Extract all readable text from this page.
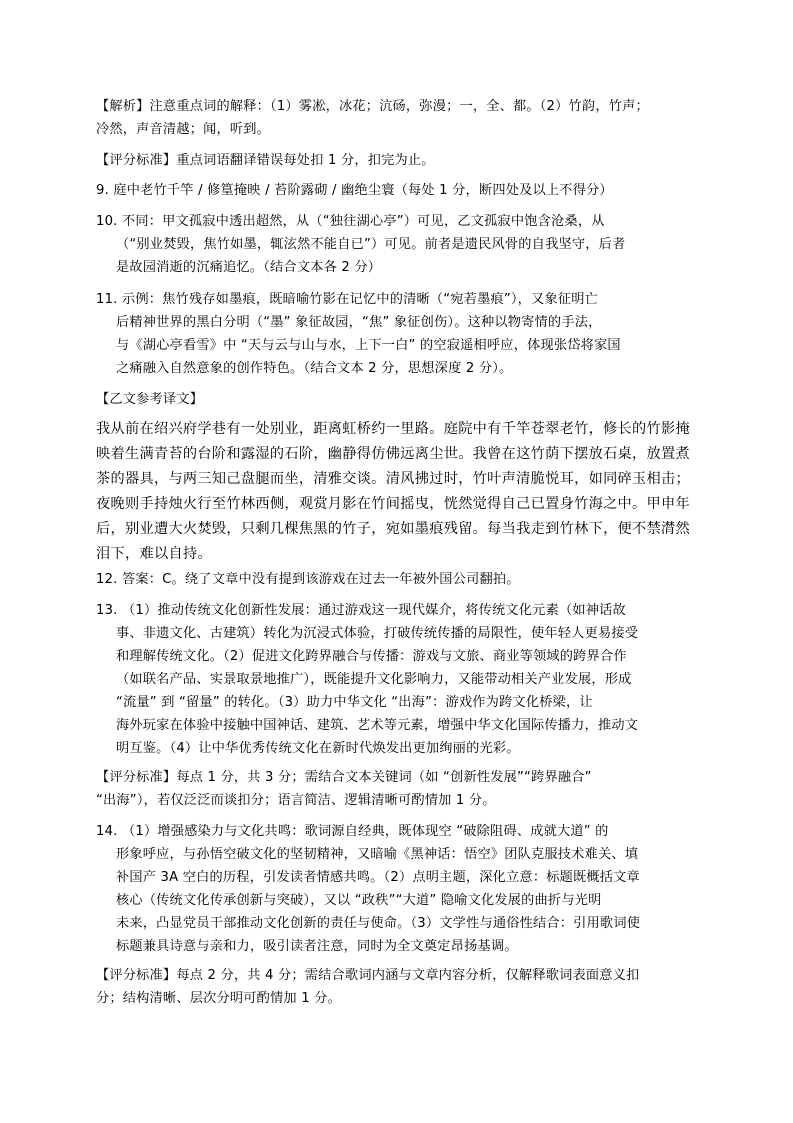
【解析】注意重点词的解释：（1）雾凇，冰花；沆砀，弥漫；一，全、都。（2）竹韵，竹声；

冷然，声音清越；闻，听到。

【评分标准】重点词语翻译错误每处扣 1 分，扣完为止。

9. 庭中老竹千竿 / 修篁掩映 / 苔阶露砌 / 幽绝尘寰（每处 1 分，断四处及以上不得分）

10. 不同：甲文孤寂中透出超然，从（“独往湖心亭”）可见，乙文孤寂中饱含沧桑，从

（“别业焚毁，焦竹如墨，辄泫然不能自已”）可见。前者是遗民风骨的自我坚守，后者

是故园消逝的沉痛追忆。（结合文本各 2 分）

11. 示例：焦竹残存如墨痕，既暗喻竹影在记忆中的清晰（“宛若墨痕”），又象征明亡

后精神世界的黑白分明（“墨” 象征故园，“焦” 象征创伤）。这种以物寄情的手法，

与《湖心亭看雪》中 “天与云与山与水，上下一白” 的空寂遥相呼应，体现张岱将家国

之痛融入自然意象的创作特色。（结合文本 2 分，思想深度 2 分）。

【乙文参考译文】

我从前在绍兴府学巷有一处别业，距离虹桥约一里路。庭院中有千竿苍翠老竹，修长的竹影掩

映着生满青苔的台阶和露湿的石阶，幽静得仿佛远离尘世。我曾在这竹荫下摆放石桌，放置煮

茶的器具，与两三知己盘腿而坐，清雅交谈。清风拂过时，竹叶声清脆悦耳，如同碎玉相击；

夜晚则手持烛火行至竹林西侧，观赏月影在竹间摇曳，恍然觉得自己已置身竹海之中。甲申年

后，别业遭大火焚毁，只剩几棵焦黑的竹子，宛如墨痕残留。每当我走到竹林下，便不禁潸然

泪下，难以自持。

12. 答案：C。绕了文章中没有提到该游戏在过去一年被外国公司翻拍。

13. （1）推动传统文化创新性发展：通过游戏这一现代媒介，将传统文化元素（如神话故

事、非遗文化、古建筑）转化为沉浸式体验，打破传统传播的局限性，使年轻人更易接受

和理解传统文化。（2）促进文化跨界融合与传播：游戏与文旅、商业等领域的跨界合作

（如联名产品、实景取景地推广），既能提升文化影响力，又能带动相关产业发展，形成

“流量” 到 “留量” 的转化。（3）助力中华文化 “出海”：游戏作为跨文化桥梁，让

海外玩家在体验中接触中国神话、建筑、艺术等元素，增强中华文化国际传播力，推动文

明互鉴。（4）让中华优秀传统文化在新时代焕发出更加绚丽的光彩。

【评分标准】每点 1 分，共 3 分；需结合文本关键词（如 “创新性发展”“跨界融合”

“出海”），若仅泛泛而谈扣分；语言简洁、逻辑清晰可酌情加 1 分。

14. （1）增强感染力与文化共鸣：歌词源自经典，既体现空 “破除阻碍、成就大道” 的

形象呼应，与孙悟空破文化的坚韧精神，又暗喻《黑神话：悟空》团队克服技术难关、填

补国产 3A 空白的历程，引发读者情感共鸣。（2）点明主题，深化立意：标题既概括文章

核心（传统文化传承创新与突破），又以 “政秩”“大道” 隐喻文化发展的曲折与光明

未来，凸显党员干部推动文化创新的责任与使命。（3）文学性与通俗性结合：引用歌词使

标题兼具诗意与亲和力，吸引读者注意，同时为全文奠定昂扬基调。

【评分标准】每点 2 分，共 4 分；需结合歌词内涵与文章内容分析，仅解释歌词表面意义扣

分；结构清晰、层次分明可酌情加 1 分。
